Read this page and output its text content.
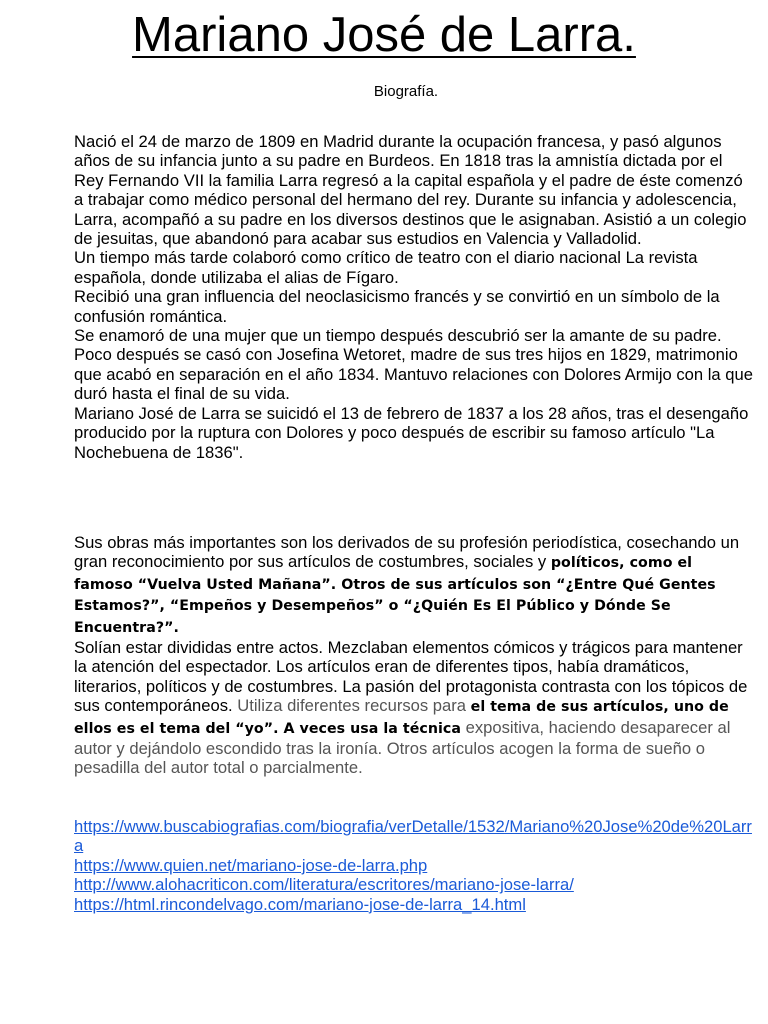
Mariano José de Larra.
Biografía.

Nació el 24 de marzo de 1809 en Madrid durante la ocupación francesa, y pasó algunos años de su infancia junto a su padre en Burdeos. En 1818 tras la amnistía dictada por el Rey Fernando VII la familia Larra regresó a la capital española y el padre de éste comenzó a trabajar como médico personal del hermano del rey. Durante su infancia y adolescencia, Larra, acompañó a su padre en los diversos destinos que le asignaban. Asistió a un colegio de jesuitas, que abandonó para acabar sus estudios en Valencia y Valladolid.

Un tiempo más tarde colaboró como crítico de teatro con el diario nacional La revista española, donde utilizaba el alias de Fígaro.

Recibió una gran influencia del neoclasicismo francés y se convirtió en un símbolo de la confusión romántica.

Se enamoró de una mujer que un tiempo después descubrió ser la amante de su padre. Poco después se casó con Josefina Wetoret, madre de sus tres hijos en 1829, matrimonio que acabó en separación en el año 1834. Mantuvo relaciones con Dolores Armijo con la que duró hasta el final de su vida.

Mariano José de Larra se suicidó el 13 de febrero de 1837 a los 28 años, tras el desengaño producido por la ruptura con Dolores y poco después de escribir su famoso artículo "La Nochebuena de 1836".

Sus obras más importantes son los derivados de su profesión periodística, cosechando un gran reconocimiento por sus artículos de costumbres, sociales y políticos, como el famoso “Vuelva Usted Mañana”. Otros de sus artículos son “¿Entre Qué Gentes Estamos?”, “Empeños y Desempeños” o “¿Quién Es El Público y Dónde Se Encuentra?”.

Solían estar divididas entre actos. Mezclaban elementos cómicos y trágicos para mantener la atención del espectador. Los artículos eran de diferentes tipos, había dramáticos, literarios, políticos y de costumbres. La pasión del protagonista contrasta con los tópicos de sus contemporáneos. Utiliza diferentes recursos para el tema de sus artículos, uno de ellos es el tema del “yo”. A veces usa la técnica expositiva, haciendo desaparecer al autor y dejándolo escondido tras la ironía. Otros artículos acogen la forma de sueño o pesadilla del autor total o parcialmente.

https://www.buscabiografias.com/biografia/verDetalle/1532/Mariano%20Jose%20de%20Larra
https://www.quien.net/mariano-jose-de-larra.php
http://www.alohacriticon.com/literatura/escritores/mariano-jose-larra/
https://html.rincondelvago.com/mariano-jose-de-larra_14.html
